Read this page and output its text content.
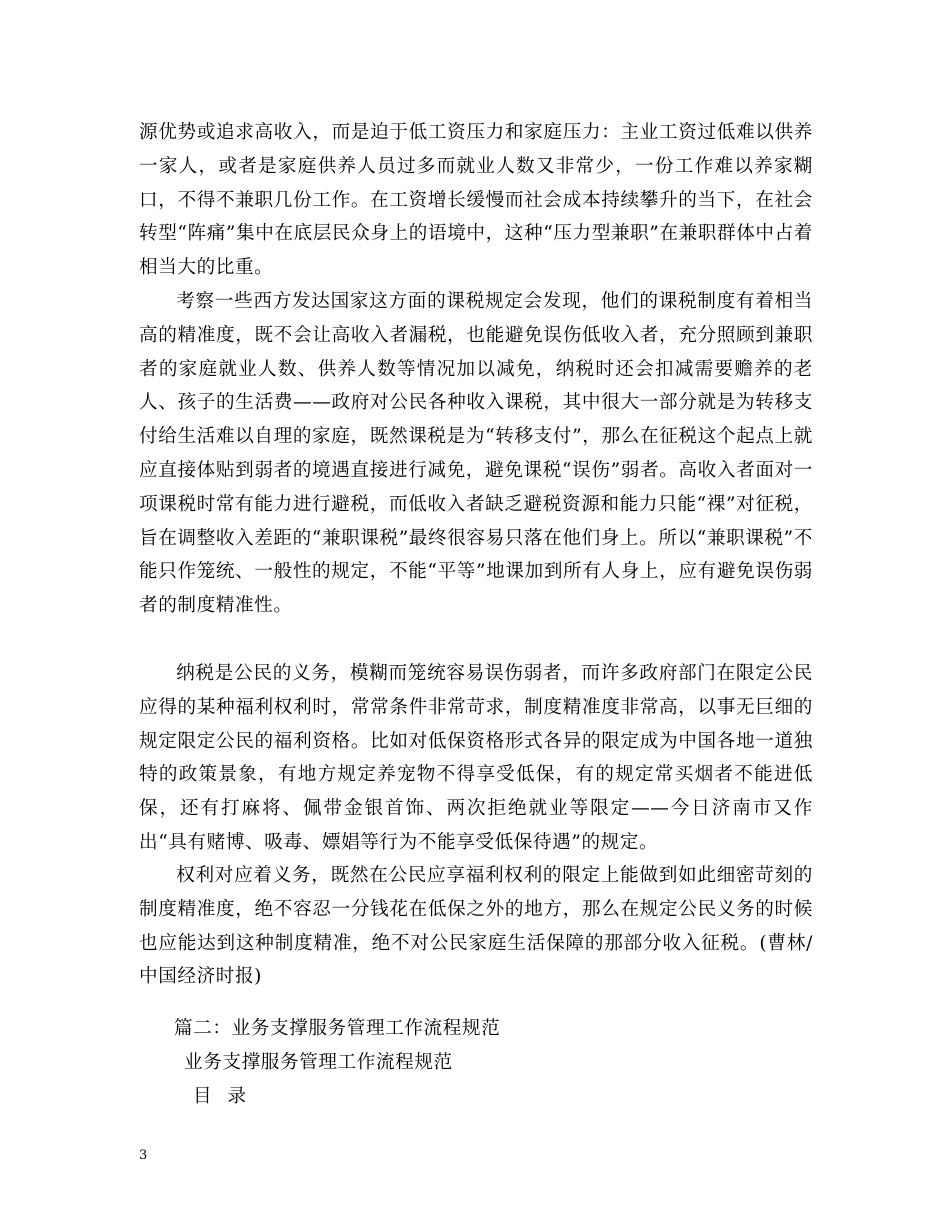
源优势或追求高收入，而是迫于低工资压力和家庭压力：主业工资过低难以供养一家人，或者是家庭供养人员过多而就业人数又非常少，一份工作难以养家糊口，不得不兼职几份工作。在工资增长缓慢而社会成本持续攀升的当下，在社会转型“阵痛”集中在底层民众身上的语境中，这种“压力型兼职”在兼职群体中占着相当大的比重。

考察一些西方发达国家这方面的课税规定会发现，他们的课税制度有着相当高的精准度，既不会让高收入者漏税，也能避免误伤低收入者，充分照顾到兼职者的家庭就业人数、供养人数等情况加以减免，纳税时还会扣减需要赡养的老人、孩子的生活费——政府对公民各种收入课税，其中很大一部分就是为转移支付给生活难以自理的家庭，既然课税是为“转移支付”，那么在征税这个起点上就应直接体贴到弱者的境遇直接进行减免，避免课税“误伤”弱者。高收入者面对一项课税时常有能力进行避税，而低收入者缺乏避税资源和能力只能“裸”对征税，旨在调整收入差距的“兼职课税”最终很容易只落在他们身上。所以“兼职课税”不能只作笼统、一般性的规定，不能“平等”地课加到所有人身上，应有避免误伤弱者的制度精准性。

纳税是公民的义务，模糊而笼统容易误伤弱者，而许多政府部门在限定公民应得的某种福利权利时，常常条件非常苛求，制度精准度非常高，以事无巨细的规定限定公民的福利资格。比如对低保资格形式各异的限定成为中国各地一道独特的政策景象，有地方规定养宠物不得享受低保，有的规定常买烟者不能进低保，还有打麻将、佩带金银首饰、两次拒绝就业等限定——今日济南市又作出“具有赌博、吸毒、嫖娼等行为不能享受低保待遇”的规定。

权利对应着义务，既然在公民应享福利权利的限定上能做到如此细密苛刻的制度精准度，绝不容忍一分钱花在低保之外的地方，那么在规定公民义务的时候也应能达到这种制度精准，绝不对公民家庭生活保障的那部分收入征税。(曹林/中国经济时报)

篇二：业务支撑服务管理工作流程规范

业务支撑服务管理工作流程规范

目 录

3
